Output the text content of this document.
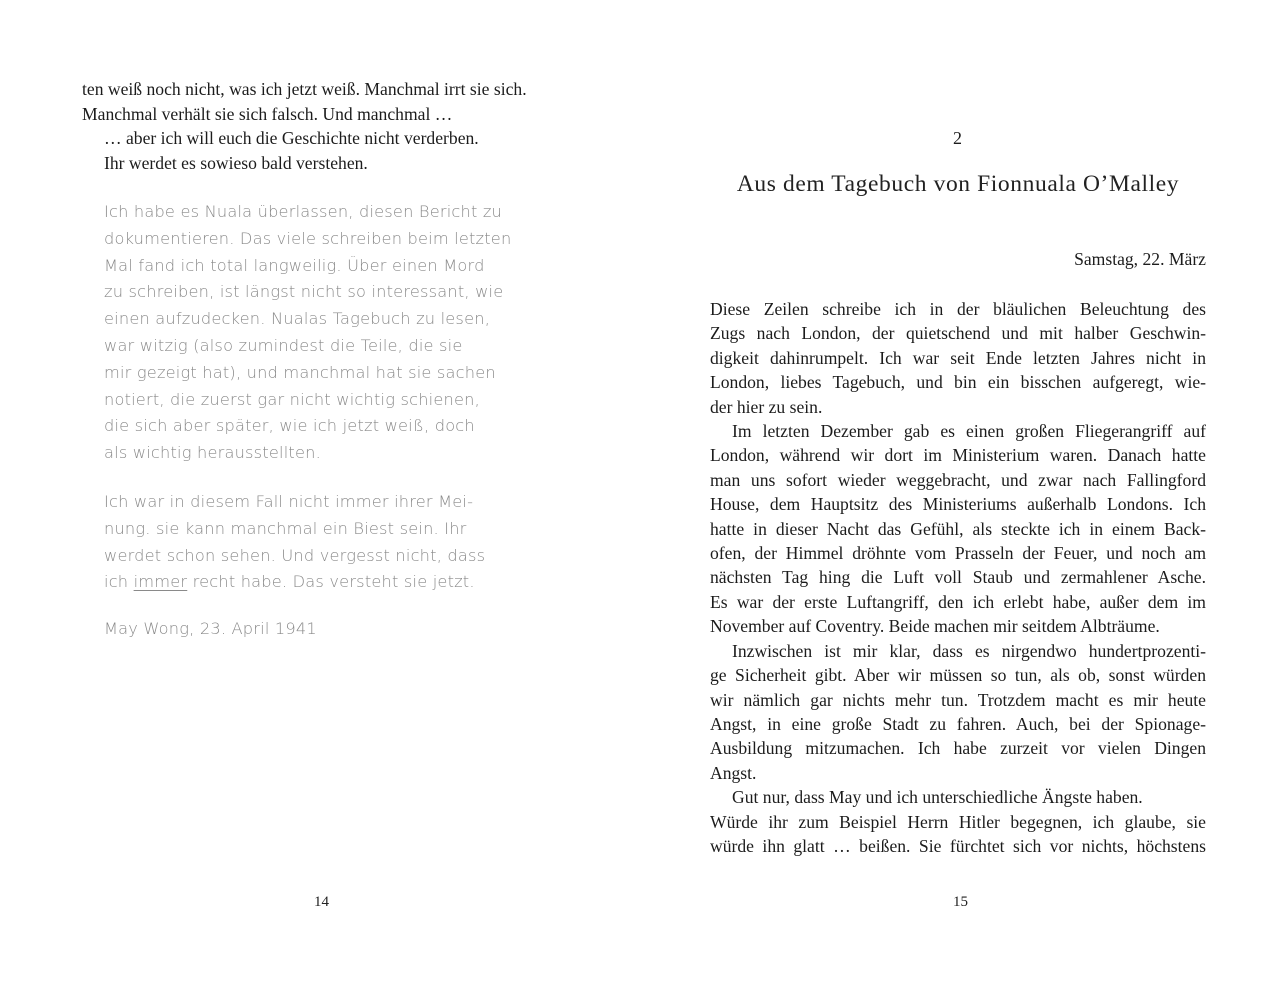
ten weiß noch nicht, was ich jetzt weiß. Manchmal irrt sie sich.
Manchmal verhält sie sich falsch. Und manchmal …
… aber ich will euch die Geschichte nicht verderben.
Ihr werdet es sowieso bald verstehen.
Ich habe es Nuala überlassen, diesen Bericht zu
dokumentieren. Das viele schreiben beim letzten
Mal fand ich total langweilig. Über einen Mord
zu schreiben, ist längst nicht so interessant, wie
einen aufzudecken. Nualas Tagebuch zu lesen,
war witzig (also zumindest die Teile, die sie
mir gezeigt hat), und manchmal hat sie sachen
notiert, die zuerst gar nicht wichtig schienen,
die sich aber später, wie ich jetzt weiß, doch
als wichtig herausstellten.
Ich war in diesem Fall nicht immer ihrer Mei-
nung. sie kann manchmal ein Biest sein. Ihr
werdet schon sehen. Und vergesst nicht, dass
ich immer recht habe. Das versteht sie jetzt.
May Wong, 23. April 1941
14
2
Aus dem Tagebuch von Fionnuala O’Malley
Samstag, 22. März
Diese Zeilen schreibe ich in der bläulichen Beleuchtung des
Zugs nach London, der quietschend und mit halber Geschwin-
digkeit dahinrumpelt. Ich war seit Ende letzten Jahres nicht in
London, liebes Tagebuch, und bin ein bisschen aufgeregt, wie-
der hier zu sein.
Im letzten Dezember gab es einen großen Fliegerangriff auf
London, während wir dort im Ministerium waren. Danach hatte
man uns sofort wieder weggebracht, und zwar nach Fallingford
House, dem Hauptsitz des Ministeriums außerhalb Londons. Ich
hatte in dieser Nacht das Gefühl, als steckte ich in einem Back-
ofen, der Himmel dröhnte vom Prasseln der Feuer, und noch am
nächsten Tag hing die Luft voll Staub und zermahlener Asche.
Es war der erste Luftangriff, den ich erlebt habe, außer dem im
November auf Coventry. Beide machen mir seitdem Albträume.
Inzwischen ist mir klar, dass es nirgendwo hundertprozenti-
ge Sicherheit gibt. Aber wir müssen so tun, als ob, sonst würden
wir nämlich gar nichts mehr tun. Trotzdem macht es mir heute
Angst, in eine große Stadt zu fahren. Auch, bei der Spionage-
Ausbildung mitzumachen. Ich habe zurzeit vor vielen Dingen
Angst.
Gut nur, dass May und ich unterschiedliche Ängste haben.
Würde ihr zum Beispiel Herrn Hitler begegnen, ich glaube, sie
würde ihn glatt … beißen. Sie fürchtet sich vor nichts, höchstens
15
